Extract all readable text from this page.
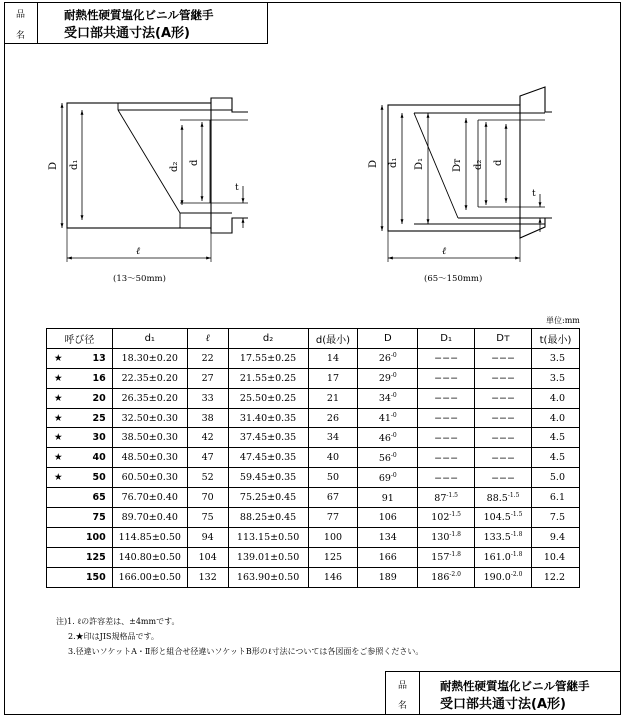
品
名
耐熱性硬質塩化ビニル管継手
受口部共通寸法(A形)
D d₁	d₂ d
t
ℓ
(13〜50mm)
D d₁ D₁	Dт d₂ d
t
ℓ
(65〜150mm)
単位:mm
呼び径	d₁	ℓ	d₂	d(最小)	D	D₁	Dт	t(最小)

★ 13	18.30±0.20	22	17.55±0.25	14	$26^{-0}$	−−−	−−−	3.5

★ 16	22.35±0.20	27	21.55±0.25	17	$29^{-0}$	−−−	−−−	3.5

★ 20	26.35±0.20	33	25.50±0.25	21	$34^{-0}$	−−−	−−−	4.0

★ 25	32.50±0.30	38	31.40±0.35	26	$41^{-0}$	−−−	−−−	4.0

★ 30	38.50±0.30	42	37.45±0.35	34	$46^{-0}$	−−−	−−−	4.5

★ 40	48.50±0.30	47	47.45±0.35	40	$56^{-0}$	−−−	−−−	4.5

★ 50	60.50±0.30	52	59.45±0.35	50	$69^{-0}$	−−−	−−−	5.0

65	76.70±0.40	70	75.25±0.45	67	91	$87^{-1.5}$	$88.5^{-1.5}$	6.1

75	89.70±0.40	75	88.25±0.45	77	106	$102^{-1.5}$	$104.5^{-1.5}$	7.5

100	114.85±0.50	94	113.15±0.50	100	134	$130^{-1.8}$	$133.5^{-1.8}$	9.4

125	140.80±0.50	104	139.01±0.50	125	166	$157^{-1.8}$	$161.0^{-1.8}$	10.4

150	166.00±0.50	132	163.90±0.50	146	189	$186^{-2.0}$	$190.0^{-2.0}$	12.2
注)1. ℓの許容差は、±4mmです。
2.★印はJIS規格品です。
3.径違いソケットA・Ⅱ形と組合せ径違いソケットB形のℓ寸法については各図面をご参照ください。
品
名
耐熱性硬質塩化ビニル管継手
受口部共通寸法(A形)
